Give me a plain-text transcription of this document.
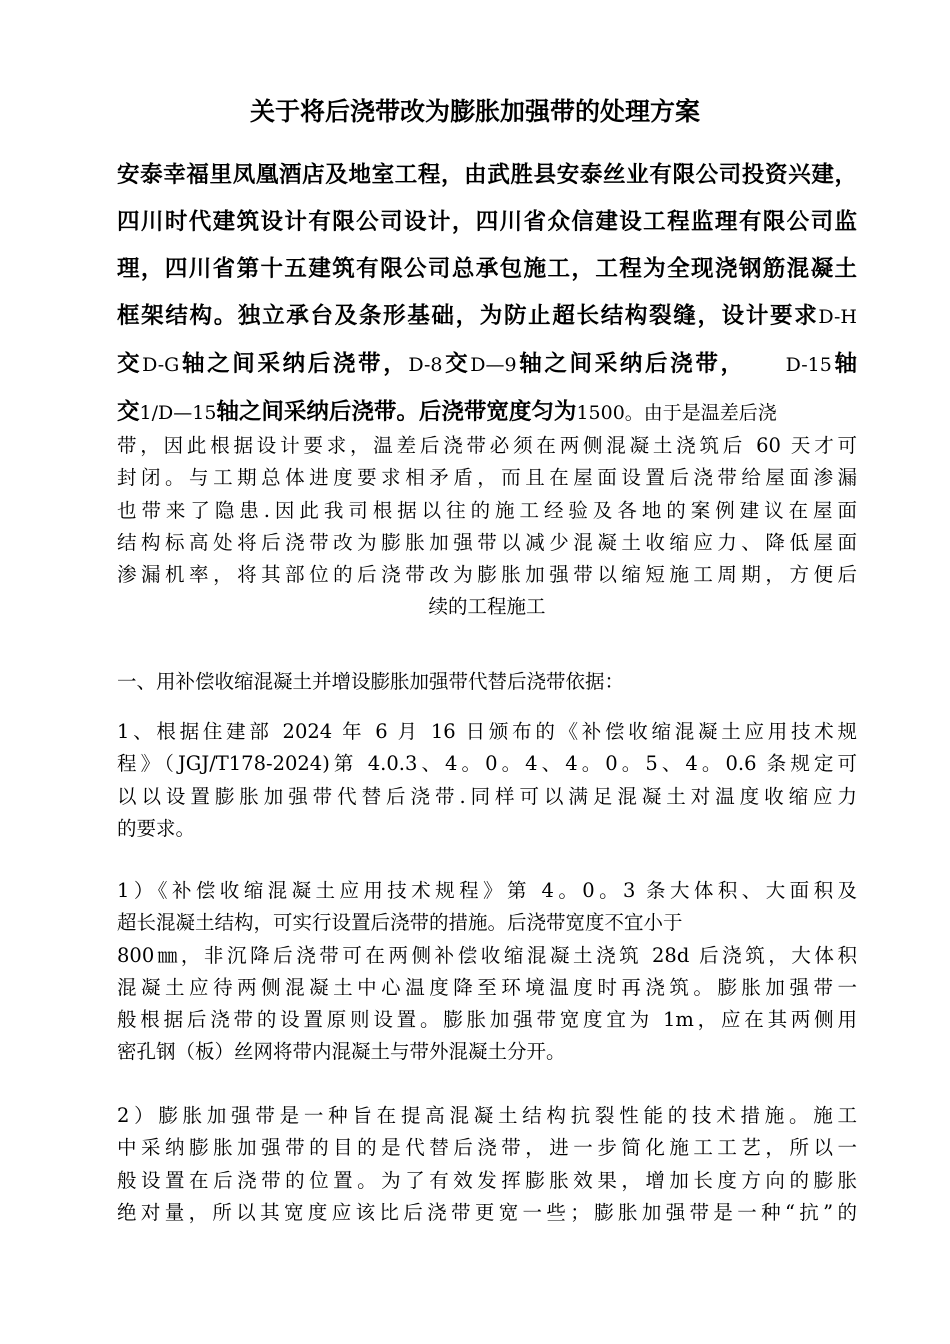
关于将后浇带改为膨胀加强带的处理方案
安泰幸福里凤凰酒店及地室工程，由武胜县安泰丝业有限公司投资兴建，
四川时代建筑设计有限公司设计，四川省众信建设工程监理有限公司监
理，四川省第十五建筑有限公司总承包施工，工程为全现浇钢筋混凝土
框架结构。独立承台及条形基础，为防止超长结构裂缝，设计要求D-H
交D-G轴之间采纳后浇带，D-8交D—9轴之间采纳后浇带， D-15轴
交1/D—15轴之间采纳后浇带。后浇带宽度匀为1500。由于是温差后浇
带，因此根据设计要求，温差后浇带必须在两侧混凝土浇筑后 60 天才可
封闭。与工期总体进度要求相矛盾，而且在屋面设置后浇带给屋面渗漏
也带来了隐患.因此我司根据以往的施工经验及各地的案例建议在屋面
结构标高处将后浇带改为膨胀加强带以减少混凝土收缩应力、降低屋面
渗漏机率，将其部位的后浇带改为膨胀加强带以缩短施工周期，方便后
续的工程施工
一、用补偿收缩混凝土并增设膨胀加强带代替后浇带依据：
1、根据住建部 2024 年 6 月 16 日颁布的《补偿收缩混凝土应用技术规
程》（JGJ/T178-2024)第 4.0.3、4。0。4、4。0。5、4。0.6 条规定可
以以设置膨胀加强带代替后浇带.同样可以满足混凝土对温度收缩应力
的要求。
1）《补偿收缩混凝土应用技术规程》第 4。0。3 条大体积、大面积及
超长混凝土结构，可实行设置后浇带的措施。后浇带宽度不宜小于
800㎜，非沉降后浇带可在两侧补偿收缩混凝土浇筑 28d 后浇筑，大体积
混凝土应待两侧混凝土中心温度降至环境温度时再浇筑。膨胀加强带一
般根据后浇带的设置原则设置。膨胀加强带宽度宜为 1m，应在其两侧用
密孔钢（板）丝网将带内混凝土与带外混凝土分开。
2）膨胀加强带是一种旨在提高混凝土结构抗裂性能的技术措施。施工
中采纳膨胀加强带的目的是代替后浇带，进一步简化施工工艺，所以一
般设置在后浇带的位置。为了有效发挥膨胀效果，增加长度方向的膨胀
绝对量，所以其宽度应该比后浇带更宽一些；膨胀加强带是一种“抗”的
